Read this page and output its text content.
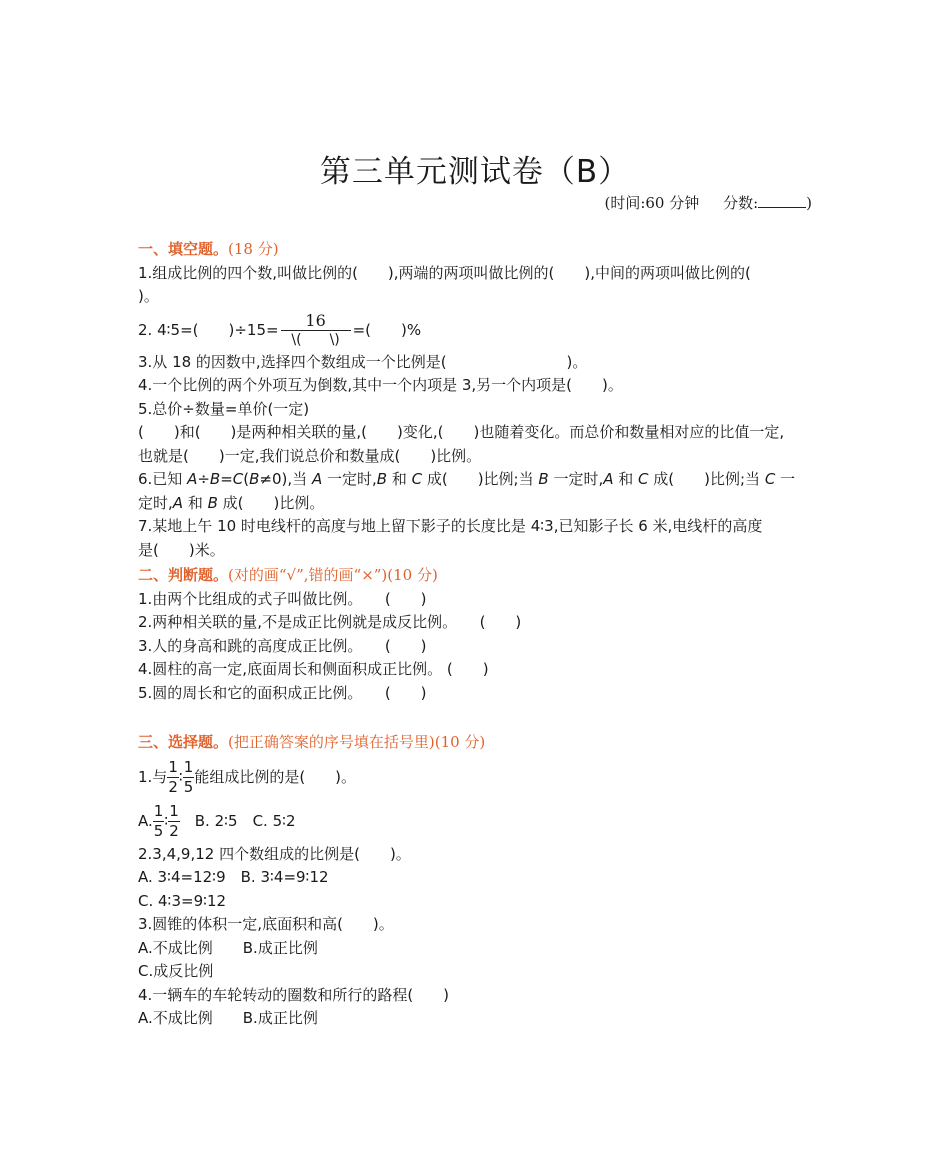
第三单元测试卷（B）
(时间:60 分钟 分数:	)
一、填空题。(18 分)
1.组成比例的四个数,叫做比例的(　　),两端的两项叫做比例的(　　),中间的两项叫做比例的(
)。
2. 4∶5=(　　)$\div 15= \frac{16}{\backslash( \backslash)}$ =(　　)%
3.从 18 的因数中,选择四个数组成一个比例是(　　　　　　　　)。
4.一个比例的两个外项互为倒数,其中一个内项是 3,另一个内项是(　　)。
5.总价÷数量=单价(一定)
(　　)和(　　)是两种相关联的量,(　　)变化,(　　)也随着变化。而总价和数量相对应的比值一定,
也就是(　　)一定,我们说总价和数量成(　　)比例。
6.已知 A÷B=C(B≠0),当 A 一定时,B 和 C 成(　　)比例;当 B 一定时,A 和 C 成(　　)比例;当 C 一
定时,A 和 B 成(　　)比例。
7.某地上午 10 时电线杆的高度与地上留下影子的长度比是 4∶3,已知影子长 6 米,电线杆的高度
是(　　)米。
二、判断题。(对的画“√”,错的画“×”)(10 分)
1.由两个比组成的式子叫做比例。　　(　　)
2.两种相关联的量,不是成正比例就是成反比例。　　(　　)
3.人的身高和跳的高度成正比例。　　(　　)
4.圆柱的高一定,底面周长和侧面积成正比例。 (　　)
5.圆的周长和它的面积成正比例。　　(　　)
三、选择题。(把正确答案的序号填在括号里)(10 分)
1.与 $\frac{1}{2}$ ∶ $\frac{1}{5}$ 能组成比例的是(　　)。
A. $\frac{1}{5}$ ∶ $\frac{1}{2}$ 　B. 2∶5　C. 5∶2
2.3,4,9,12 四个数组成的比例是(　　)。
A. 3∶4=12∶9　B. 3∶4=9∶12
C. 4∶3=9∶12
3.圆锥的体积一定,底面积和高(　　)。
A.不成比例　　B.成正比例
C.成反比例
4.一辆车的车轮转动的圈数和所行的路程(　　)
A.不成比例　　B.成正比例
